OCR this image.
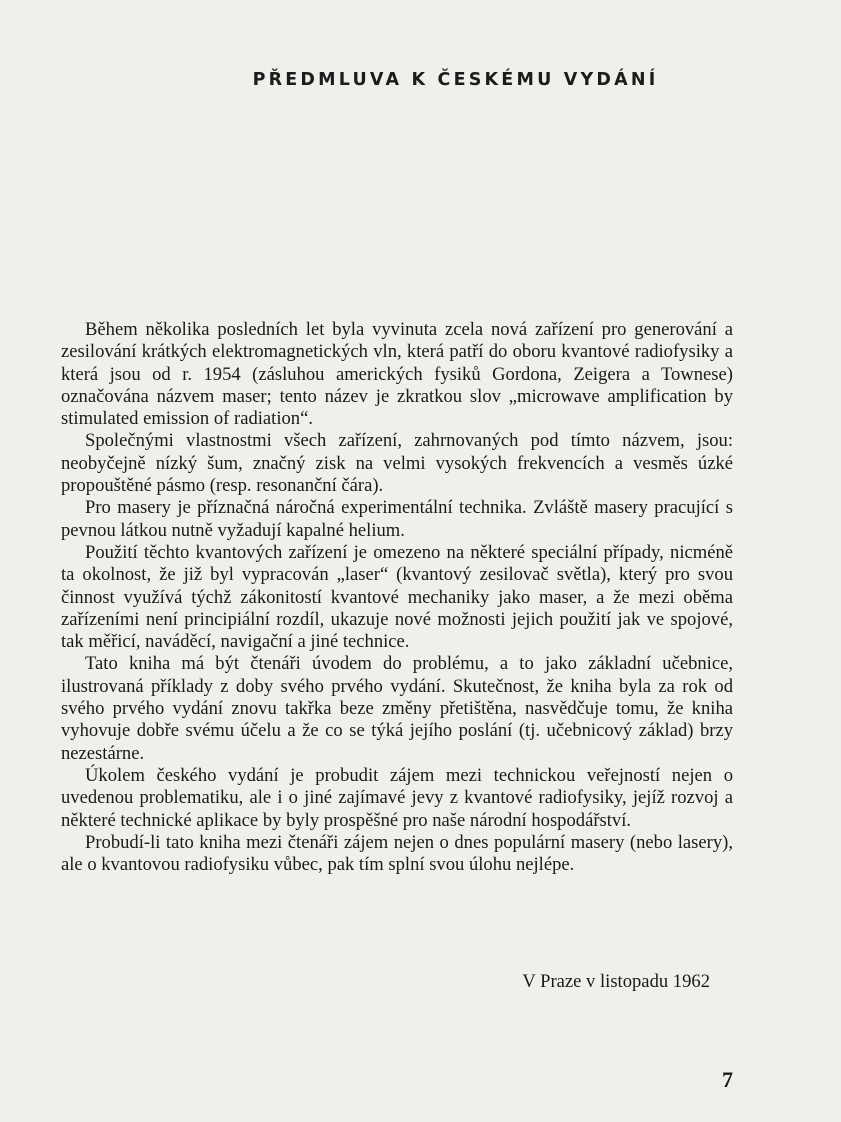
PŘEDMLUVA K ČESKÉMU VYDÁNÍ

Během několika posledních let byla vyvinuta zcela nová zařízení pro generování a zesilování krátkých elektromagnetických vln, která patří do oboru kvantové radiofysiky a která jsou od r. 1954 (zásluhou amerických fysiků Gordona, Zeigera a Townese) označována názvem maser; tento název je zkratkou slov „microwave amplification by stimulated emission of radiation“.

Společnými vlastnostmi všech zařízení, zahrnovaných pod tímto názvem, jsou: neobyčejně nízký šum, značný zisk na velmi vysokých frekvencích a vesměs úzké propouštěné pásmo (resp. resonanční čára).

Pro masery je příznačná náročná experimentální technika. Zvláště masery pracující s pevnou látkou nutně vyžadují kapalné helium.

Použití těchto kvantových zařízení je omezeno na některé speciální případy, nicméně ta okolnost, že již byl vypracován „laser“ (kvantový zesilovač světla), který pro svou činnost využívá týchž zákonitostí kvantové mechaniky jako maser, a že mezi oběma zařízeními není principiální rozdíl, ukazuje nové možnosti jejich použití jak ve spojové, tak měřicí, naváděcí, navigační a jiné technice.

Tato kniha má být čtenáři úvodem do problému, a to jako základní učebnice, ilustrovaná příklady z doby svého prvého vydání. Skutečnost, že kniha byla za rok od svého prvého vydání znovu takřka beze změny přetištěna, nasvědčuje tomu, že kniha vyhovuje dobře svému účelu a že co se týká jejího poslání (tj. učebnicový základ) brzy nezestárne.

Úkolem českého vydání je probudit zájem mezi technickou veřejností nejen o uvedenou problematiku, ale i o jiné zajímavé jevy z kvantové radiofysiky, jejíž rozvoj a některé technické aplikace by byly prospěšné pro naše národní hospodářství.

Probudí-li tato kniha mezi čtenáři zájem nejen o dnes populární masery (nebo lasery), ale o kvantovou radiofysiku vůbec, pak tím splní svou úlohu nejlépe.

V Praze v listopadu 1962
7
